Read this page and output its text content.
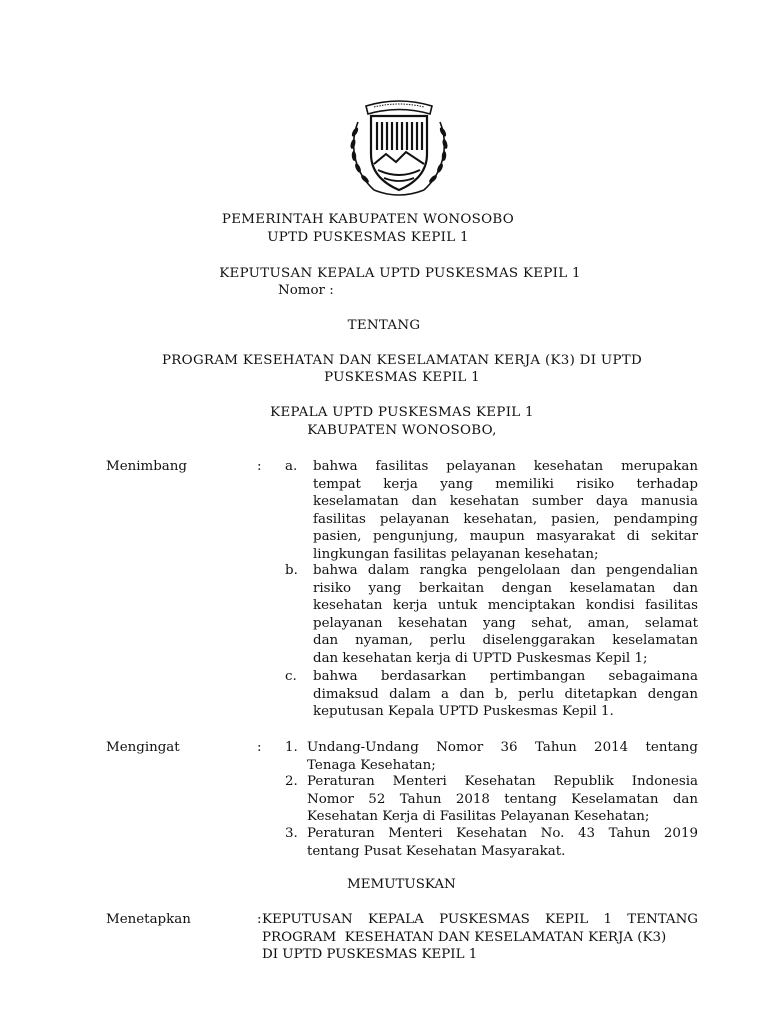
PEMERINTAH KABUPATEN WONOSOBO
UPTD PUSKESMAS KEPIL 1
KEPUTUSAN KEPALA UPTD PUSKESMAS KEPIL 1
Nomor :
TENTANG
PROGRAM KESEHATAN DAN KESELAMATAN KERJA (K3) DI UPTD
PUSKESMAS KEPIL 1
KEPALA UPTD PUSKESMAS KEPIL 1
KABUPATEN WONOSOBO,
Menimbang	: a.	bahwa fasilitas pelayanan kesehatan merupakan
tempat kerja yang memiliki risiko terhadap
keselamatan dan kesehatan sumber daya manusia
fasilitas pelayanan kesehatan, pasien, pendamping
pasien, pengunjung, maupun masyarakat di sekitar
lingkungan fasilitas pelayanan kesehatan;
b.	bahwa dalam rangka pengelolaan dan pengendalian
risiko yang berkaitan dengan keselamatan dan
kesehatan kerja untuk menciptakan kondisi fasilitas
pelayanan kesehatan yang sehat, aman, selamat
dan nyaman, perlu diselenggarakan keselamatan
dan kesehatan kerja di UPTD Puskesmas Kepil 1;
c.	bahwa berdasarkan pertimbangan sebagaimana
dimaksud dalam a dan b, perlu ditetapkan dengan
keputusan Kepala UPTD Puskesmas Kepil 1.
Mengingat	: 1. Undang-Undang Nomor 36 Tahun 2014 tentang
Tenaga Kesehatan;
2. Peraturan Menteri Kesehatan Republik Indonesia
Nomor 52 Tahun 2018 tentang Keselamatan dan
Kesehatan Kerja di Fasilitas Pelayanan Kesehatan;
3. Peraturan Menteri Kesehatan No. 43 Tahun 2019
tentang Pusat Kesehatan Masyarakat.
MEMUTUSKAN
Menetapkan	: KEPUTUSAN KEPALA PUSKESMAS KEPIL 1 TENTANG
PROGRAM  KESEHATAN DAN KESELAMATAN KERJA (K3)
DI UPTD PUSKESMAS KEPIL 1
